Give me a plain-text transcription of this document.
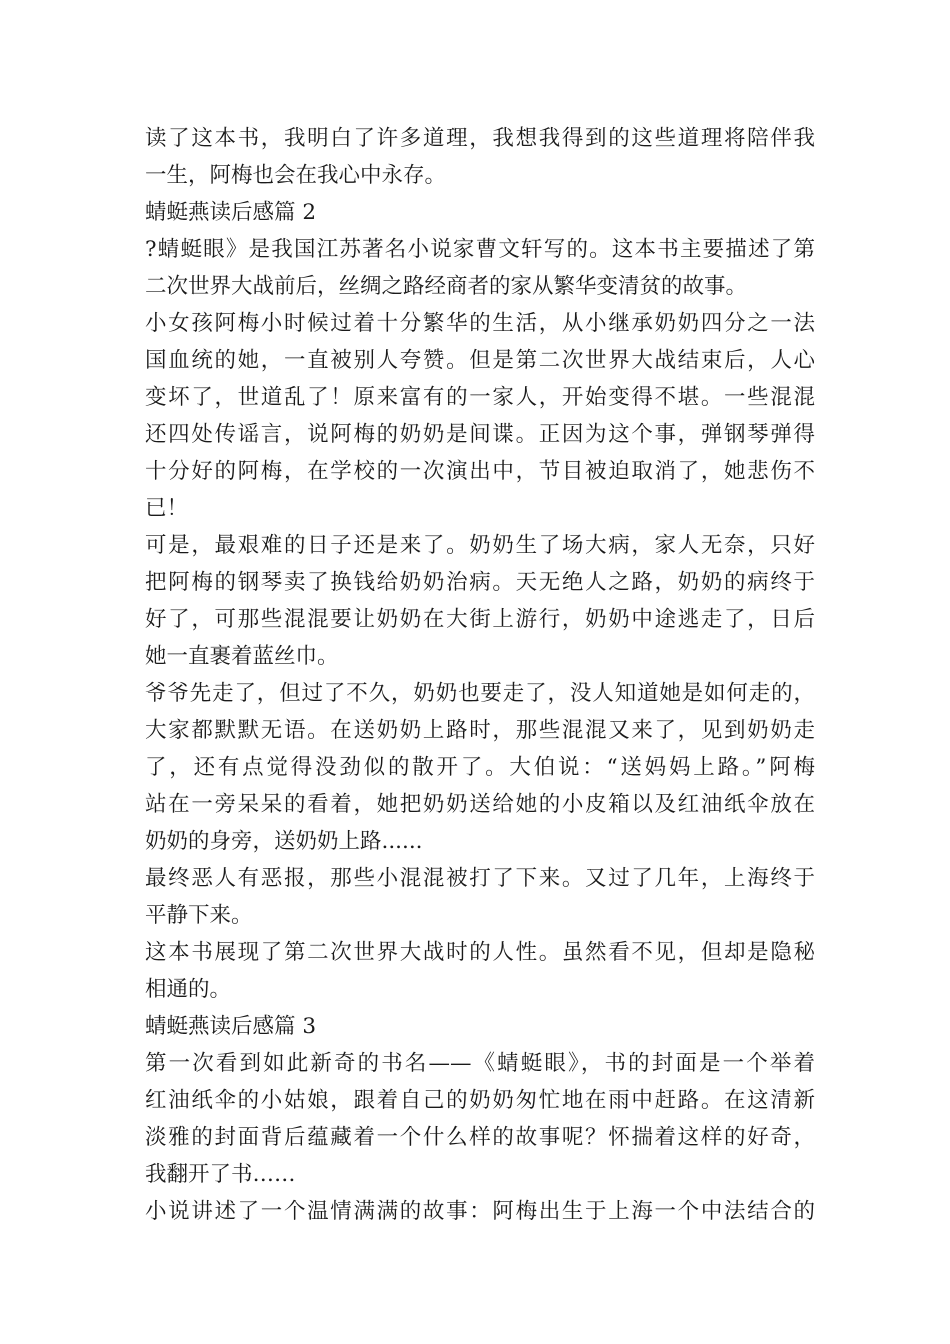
读了这本书，我明白了许多道理，我想我得到的这些道理将陪伴我
一生，阿梅也会在我心中永存。
蜻蜓燕读后感篇 2
?蜻蜓眼》是我国江苏著名小说家曹文轩写的。这本书主要描述了第
二次世界大战前后，丝绸之路经商者的家从繁华变清贫的故事。
小女孩阿梅小时候过着十分繁华的生活，从小继承奶奶四分之一法
国血统的她，一直被别人夸赞。但是第二次世界大战结束后，人心
变坏了，世道乱了！原来富有的一家人，开始变得不堪。一些混混
还四处传谣言，说阿梅的奶奶是间谍。正因为这个事，弹钢琴弹得
十分好的阿梅，在学校的一次演出中，节目被迫取消了，她悲伤不
已！
可是，最艰难的日子还是来了。奶奶生了场大病，家人无奈，只好
把阿梅的钢琴卖了换钱给奶奶治病。天无绝人之路，奶奶的病终于
好了，可那些混混要让奶奶在大街上游行，奶奶中途逃走了，日后
她一直裹着蓝丝巾。
爷爷先走了，但过了不久，奶奶也要走了，没人知道她是如何走的，
大家都默默无语。在送奶奶上路时，那些混混又来了，见到奶奶走
了，还有点觉得没劲似的散开了。大伯说：“送妈妈上路。”阿梅
站在一旁呆呆的看着，她把奶奶送给她的小皮箱以及红油纸伞放在
奶奶的身旁，送奶奶上路......
最终恶人有恶报，那些小混混被打了下来。又过了几年，上海终于
平静下来。
这本书展现了第二次世界大战时的人性。虽然看不见，但却是隐秘
相通的。
蜻蜓燕读后感篇 3
第一次看到如此新奇的书名——《蜻蜓眼》，书的封面是一个举着
红油纸伞的小姑娘，跟着自己的奶奶匆忙地在雨中赶路。在这清新
淡雅的封面背后蕴藏着一个什么样的故事呢？怀揣着这样的好奇，
我翻开了书……
小说讲述了一个温情满满的故事：阿梅出生于上海一个中法结合的
